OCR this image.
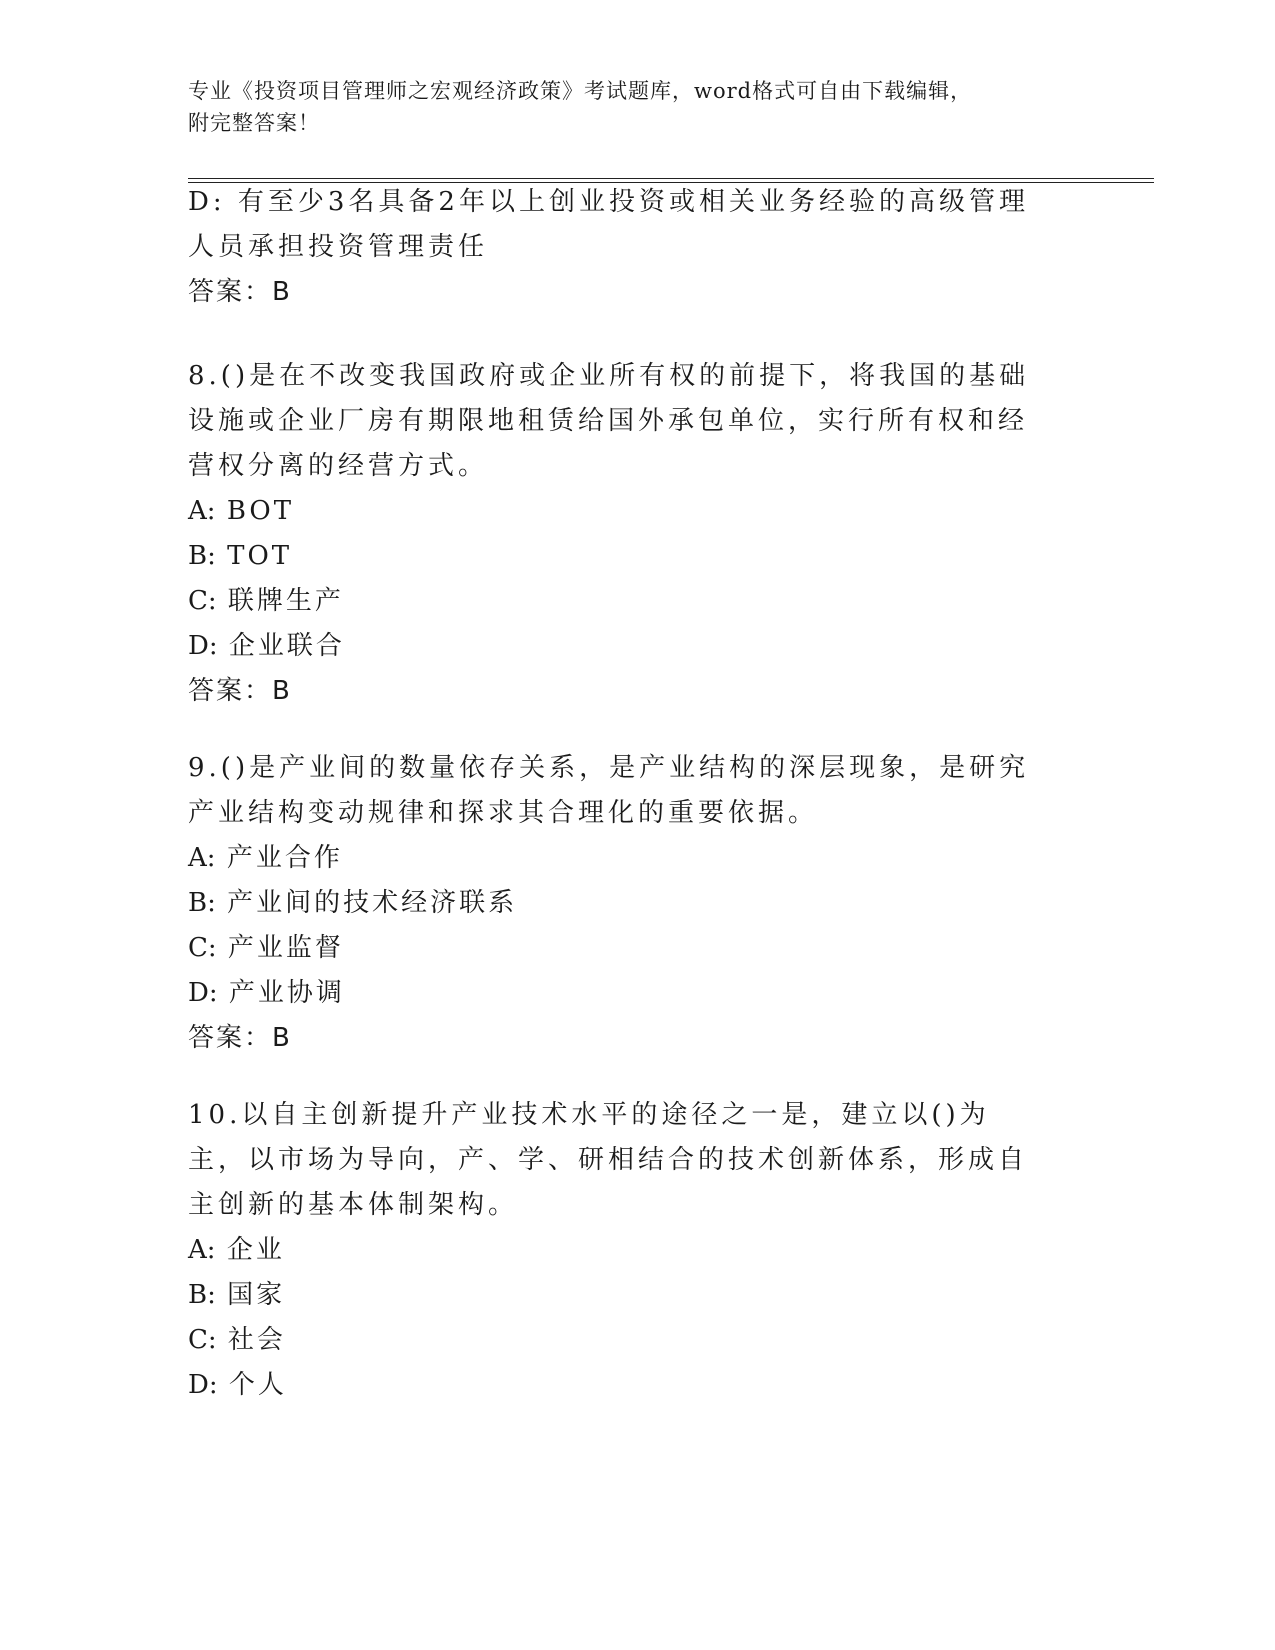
专业《投资项目管理师之宏观经济政策》考试题库，word格式可自由下载编辑，
附完整答案！

D: 有至少3名具备2年以上创业投资或相关业务经验的高级管理人员承担投资管理责任

答案：B

8.()是在不改变我国政府或企业所有权的前提下，将我国的基础设施或企业厂房有期限地租赁给国外承包单位，实行所有权和经营权分离的经营方式。

A: BOT

B: TOT

C: 联牌生产

D: 企业联合

答案：B

9.()是产业间的数量依存关系，是产业结构的深层现象，是研究产业结构变动规律和探求其合理化的重要依据。

A: 产业合作

B: 产业间的技术经济联系

C: 产业监督

D: 产业协调

答案：B

10.以自主创新提升产业技术水平的途径之一是，建立以()为主，以市场为导向，产、学、研相结合的技术创新体系，形成自主创新的基本体制架构。

A: 企业

B: 国家

C: 社会

D: 个人
